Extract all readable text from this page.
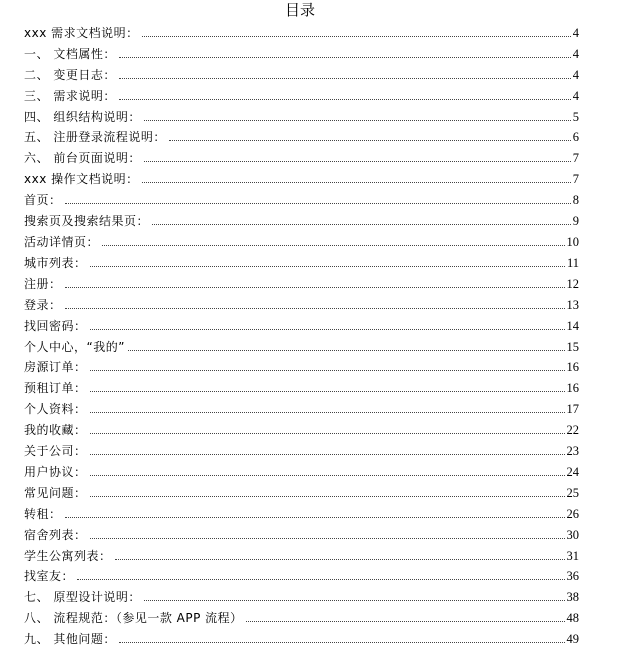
目录
xxx 需求文档说明：	4
一、 文档属性：	4
二、 变更日志：	4
三、 需求说明：	4
四、 组织结构说明：	5
五、 注册登录流程说明：	6
六、 前台页面说明：	7
xxx 操作文档说明：	7
首页：	8
搜索页及搜索结果页：	9
活动详情页：	10
城市列表：	11
注册：	12
登录：	13
找回密码：	14
个人中心，“我的”	15
房源订单：	16
预租订单：	16
个人资料：	17
我的收藏：	22
关于公司：	23
用户协议：	24
常见问题：	25
转租：	26
宿舍列表：	30
学生公寓列表：	31
找室友：	36
七、 原型设计说明：	38
八、 流程规范：（参见一款 APP 流程）	48
九、 其他问题：	49
